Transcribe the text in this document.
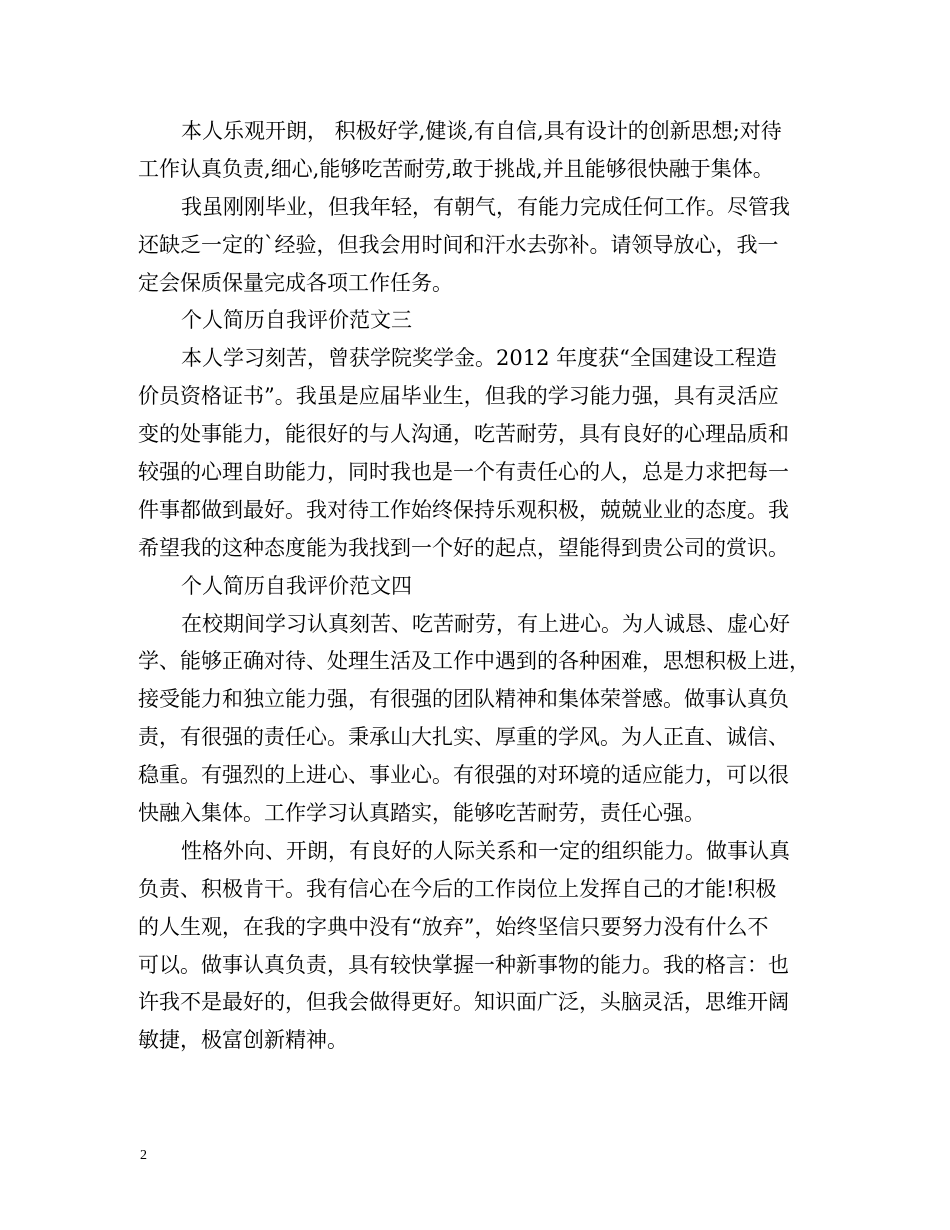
本人乐观开朗， 积极好学,健谈,有自信,具有设计的创新思想;对待
工作认真负责,细心,能够吃苦耐劳,敢于挑战,并且能够很快融于集体。
我虽刚刚毕业，但我年轻，有朝气，有能力完成任何工作。尽管我
还缺乏一定的`经验，但我会用时间和汗水去弥补。请领导放心，我一
定会保质保量完成各项工作任务。
个人简历自我评价范文三
本人学习刻苦，曾获学院奖学金。2012 年度获“全国建设工程造
价员资格证书”。我虽是应届毕业生，但我的学习能力强，具有灵活应
变的处事能力，能很好的与人沟通，吃苦耐劳，具有良好的心理品质和
较强的心理自助能力，同时我也是一个有责任心的人，总是力求把每一
件事都做到最好。我对待工作始终保持乐观积极，兢兢业业的态度。我
希望我的这种态度能为我找到一个好的起点，望能得到贵公司的赏识。
个人简历自我评价范文四
在校期间学习认真刻苦、吃苦耐劳，有上进心。为人诚恳、虚心好
学、能够正确对待、处理生活及工作中遇到的各种困难，思想积极上进，
接受能力和独立能力强，有很强的团队精神和集体荣誉感。做事认真负
责，有很强的责任心。秉承山大扎实、厚重的学风。为人正直、诚信、
稳重。有强烈的上进心、事业心。有很强的对环境的适应能力，可以很
快融入集体。工作学习认真踏实，能够吃苦耐劳，责任心强。
性格外向、开朗，有良好的人际关系和一定的组织能力。做事认真
负责、积极肯干。我有信心在今后的工作岗位上发挥自己的才能!积极
的人生观，在我的字典中没有“放弃”，始终坚信只要努力没有什么不
可以。做事认真负责，具有较快掌握一种新事物的能力。我的格言：也
许我不是最好的，但我会做得更好。知识面广泛，头脑灵活，思维开阔
敏捷，极富创新精神。
2
